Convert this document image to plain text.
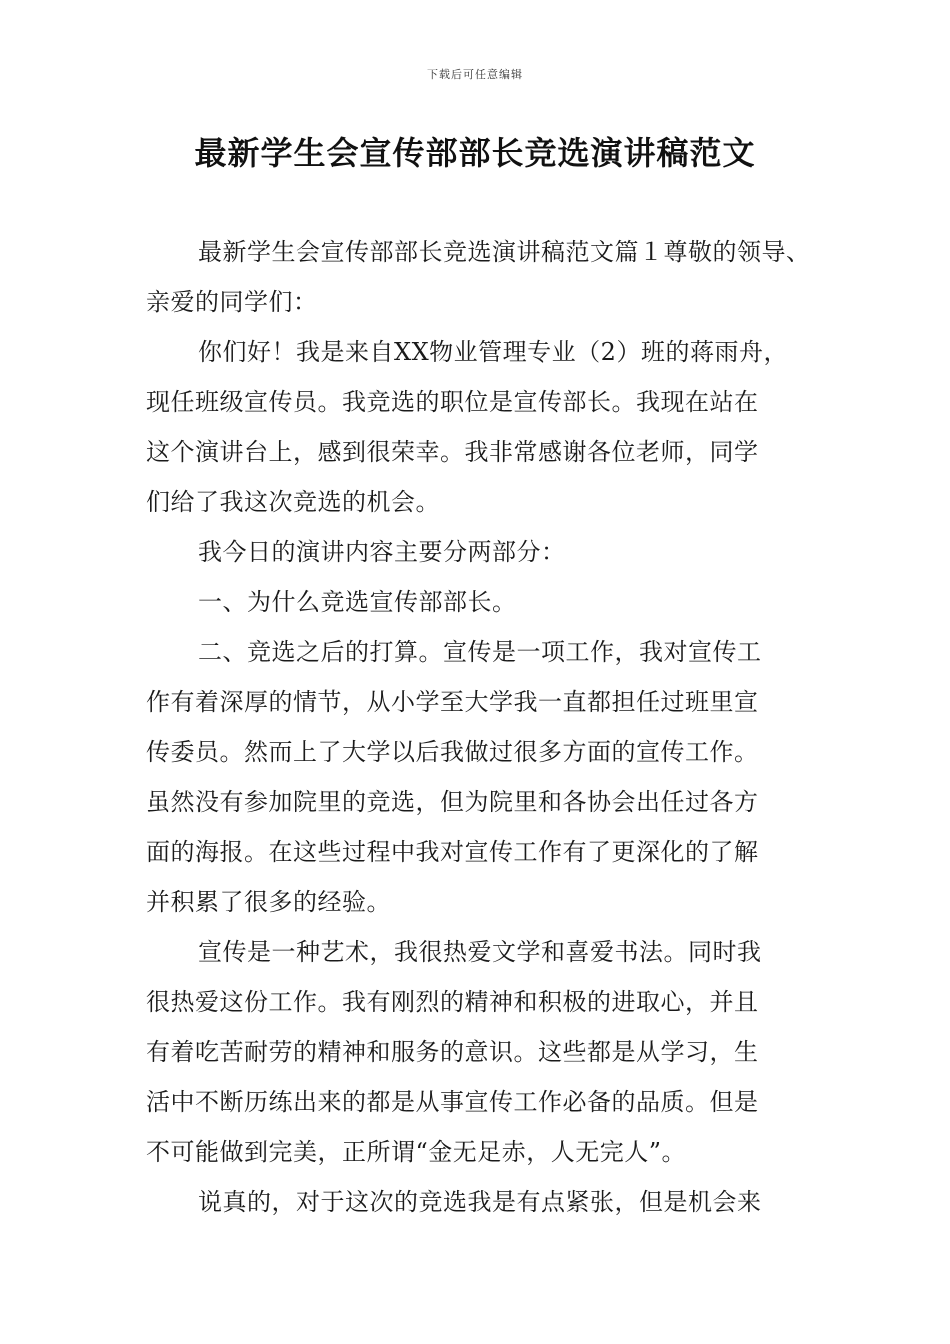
下载后可任意编辑
最新学生会宣传部部长竞选演讲稿范文
最新学生会宣传部部长竞选演讲稿范文篇１尊敬的领导、
亲爱的同学们：
你们好！我是来自XX物业管理专业（2）班的蒋雨舟，
现任班级宣传员。我竞选的职位是宣传部长。我现在站在
这个演讲台上，感到很荣幸。我非常感谢各位老师，同学
们给了我这次竞选的机会。
我今日的演讲内容主要分两部分：
一、为什么竞选宣传部部长。
二、竞选之后的打算。宣传是一项工作，我对宣传工
作有着深厚的情节，从小学至大学我一直都担任过班里宣
传委员。然而上了大学以后我做过很多方面的宣传工作。
虽然没有参加院里的竞选，但为院里和各协会出任过各方
面的海报。在这些过程中我对宣传工作有了更深化的了解
并积累了很多的经验。
宣传是一种艺术，我很热爱文学和喜爱书法。同时我
很热爱这份工作。我有刚烈的精神和积极的进取心，并且
有着吃苦耐劳的精神和服务的意识。这些都是从学习，生
活中不断历练出来的都是从事宣传工作必备的品质。但是
不可能做到完美，正所谓“金无足赤，人无完人”。
说真的，对于这次的竞选我是有点紧张，但是机会来
